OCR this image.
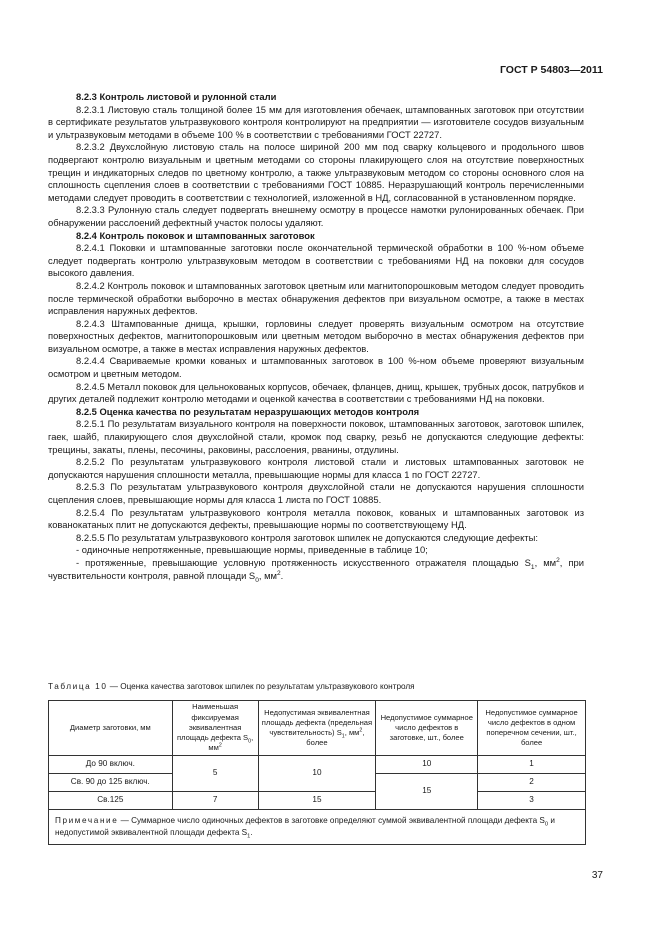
ГОСТ Р 54803—2011

8.2.3 Контроль листовой и рулонной стали

8.2.3.1 Листовую сталь толщиной более 15 мм для изготовления обечаек, штампованных заготовок при отсутствии в сертификате результатов ультразвукового контроля контролируют на предприятии — изготовителе сосудов визуальным и ультразвуковым методами в объеме 100 % в соответствии с требованиями ГОСТ 22727.

8.2.3.2 Двухслойную листовую сталь на полосе шириной 200 мм под сварку кольцевого и продольного швов подвергают контролю визуальным и цветным методами со стороны плакирующего слоя на отсутствие поверхностных трещин и индикаторных следов по цветному контролю, а также ультразвуковым методом со стороны основного слоя на сплошность сцепления слоев в соответствии с требованиями ГОСТ 10885. Неразрушающий контроль перечисленными методами следует проводить в соответствии с технологией, изложенной в НД, согласованной в установленном порядке.

8.2.3.3 Рулонную сталь следует подвергать внешнему осмотру в процессе намотки рулонированных обечаек. При обнаружении расслоений дефектный участок полосы удаляют.

8.2.4 Контроль поковок и штампованных заготовок

8.2.4.1 Поковки и штампованные заготовки после окончательной термической обработки в 100 %-ном объеме следует подвергать контролю ультразвуковым методом в соответствии с требованиями НД на поковки для сосудов высокого давления.

8.2.4.2 Контроль поковок и штампованных заготовок цветным или магнитопорошковым методом следует проводить после термической обработки выборочно в местах обнаружения дефектов при визуальном осмотре, а также в местах исправления наружных дефектов.

8.2.4.3 Штампованные днища, крышки, горловины следует проверять визуальным осмотром на отсутствие поверхностных дефектов, магнитопорошковым или цветным методом выборочно в местах обнаружения дефектов при визуальном осмотре, а также в местах исправления наружных дефектов.

8.2.4.4 Свариваемые кромки кованых и штампованных заготовок в 100 %-ном объеме проверяют визуальным осмотром и цветным методом.

8.2.4.5 Металл поковок для цельнокованых корпусов, обечаек, фланцев, днищ, крышек, трубных досок, патрубков и других деталей подлежит контролю методами и оценкой качества в соответствии с требованиями НД на поковки.

8.2.5 Оценка качества по результатам неразрушающих методов контроля

8.2.5.1 По результатам визуального контроля на поверхности поковок, штампованных заготовок, заготовок шпилек, гаек, шайб, плакирующего слоя двухслойной стали, кромок под сварку, резьб не допускаются следующие дефекты: трещины, закаты, плены, песочины, раковины, расслоения, рванины, отдулины.

8.2.5.2 По результатам ультразвукового контроля листовой стали и листовых штампованных заготовок не допускаются нарушения сплошности металла, превышающие нормы для класса 1 по ГОСТ 22727.

8.2.5.3 По результатам ультразвукового контроля двухслойной стали не допускаются нарушения сплошности сцепления слоев, превышающие нормы для класса 1 листа по ГОСТ 10885.

8.2.5.4 По результатам ультразвукового контроля металла поковок, кованых и штампованных заготовок из кованокатаных плит не допускаются дефекты, превышающие нормы по соответствующему НД.

8.2.5.5 По результатам ультразвукового контроля заготовок шпилек не допускаются следующие дефекты:

- одиночные непротяженные, превышающие нормы, приведенные в таблице 10;

- протяженные, превышающие условную протяженность искусственного отражателя площадью $S_1$, $мм^2$, при чувствительности контроля, равной площади $S_0$, $мм^2$.

Таблица 10 — Оценка качества заготовок шпилек по результатам ультразвукового контроля
Диаметр заготовки, мм	Наименьшая фиксируемая эквивалентная площадь дефекта $S_0$, $мм^2$	Недопустимая эквивалентная площадь дефекта (предельная чувствительность) $S_1$, $мм^2$, более	Недопустимое суммарное число дефектов в заготовке, шт., более	Недопустимое суммарное число дефектов в одном поперечном сечении, шт., более
До 90 включ.	5	10	10	1
Св. 90 до 125 включ.			15	2
Св.125	7	15		3
Примечание — Суммарное число одиночных дефектов в заготовке определяют суммой эквивалентной площади дефекта $S_0$ и недопустимой эквивалентной площади дефекта $S_1$.				
37
